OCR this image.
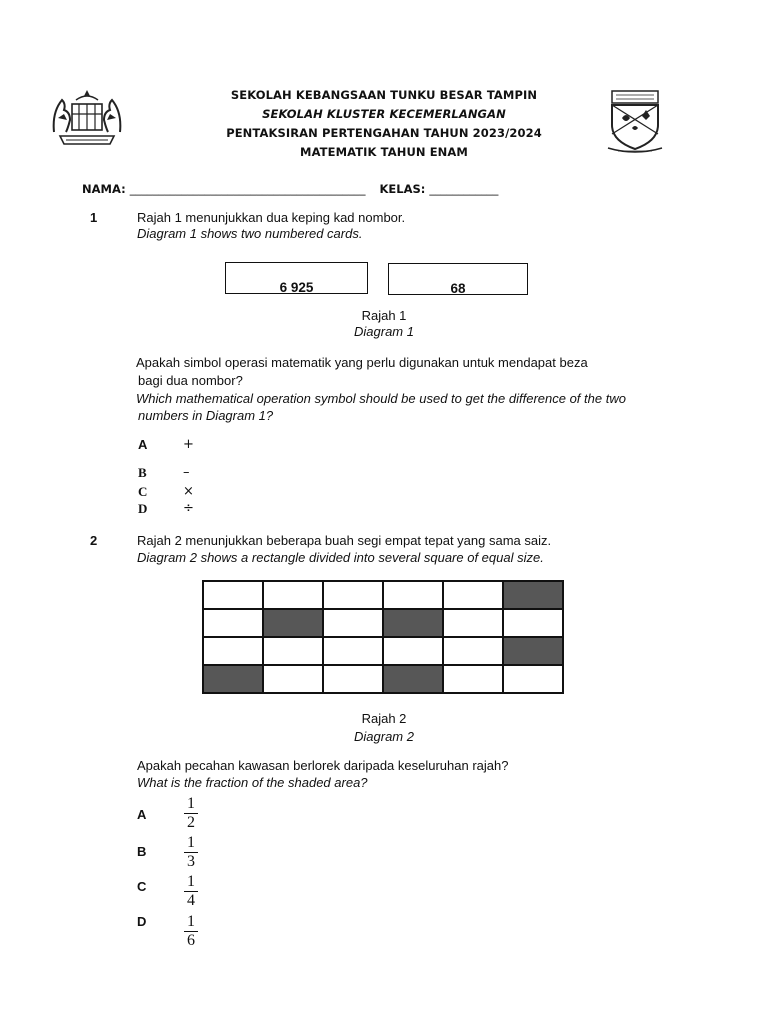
SEKOLAH KEBANGSAAN TUNKU BESAR TAMPIN
SEKOLAH KLUSTER KECEMERLANGAN
PENTAKSIRAN PERTENGAHAN TAHUN 2023/2024
MATEMATIK TAHUN ENAM
NAMA: _________________________________________ KELAS: ____________
1	Rajah 1 menunjukkan dua keping kad nombor.
Diagram 1 shows two numbered cards.
6 925	68
Rajah 1
Diagram 1
Apakah simbol operasi matematik yang perlu digunakan untuk mendapat beza
bagi dua nombor?
Which mathematical operation symbol should be used to get the difference of the two
numbers in Diagram 1?
A	+
B	–
C	×
D	÷
2	Rajah 2 menunjukkan beberapa buah segi empat tepat yang sama saiz.
Diagram 2 shows a rectangle divided into several square of equal size.

Rajah 2
Diagram 2
Apakah pecahan kawasan berlorek daripada keseluruhan rajah?
What is the fraction of the shaded area?
A $\frac{1}{2}$
B $\frac{1}{3}$
C $\frac{1}{4}$
D $\frac{1}{6}$
